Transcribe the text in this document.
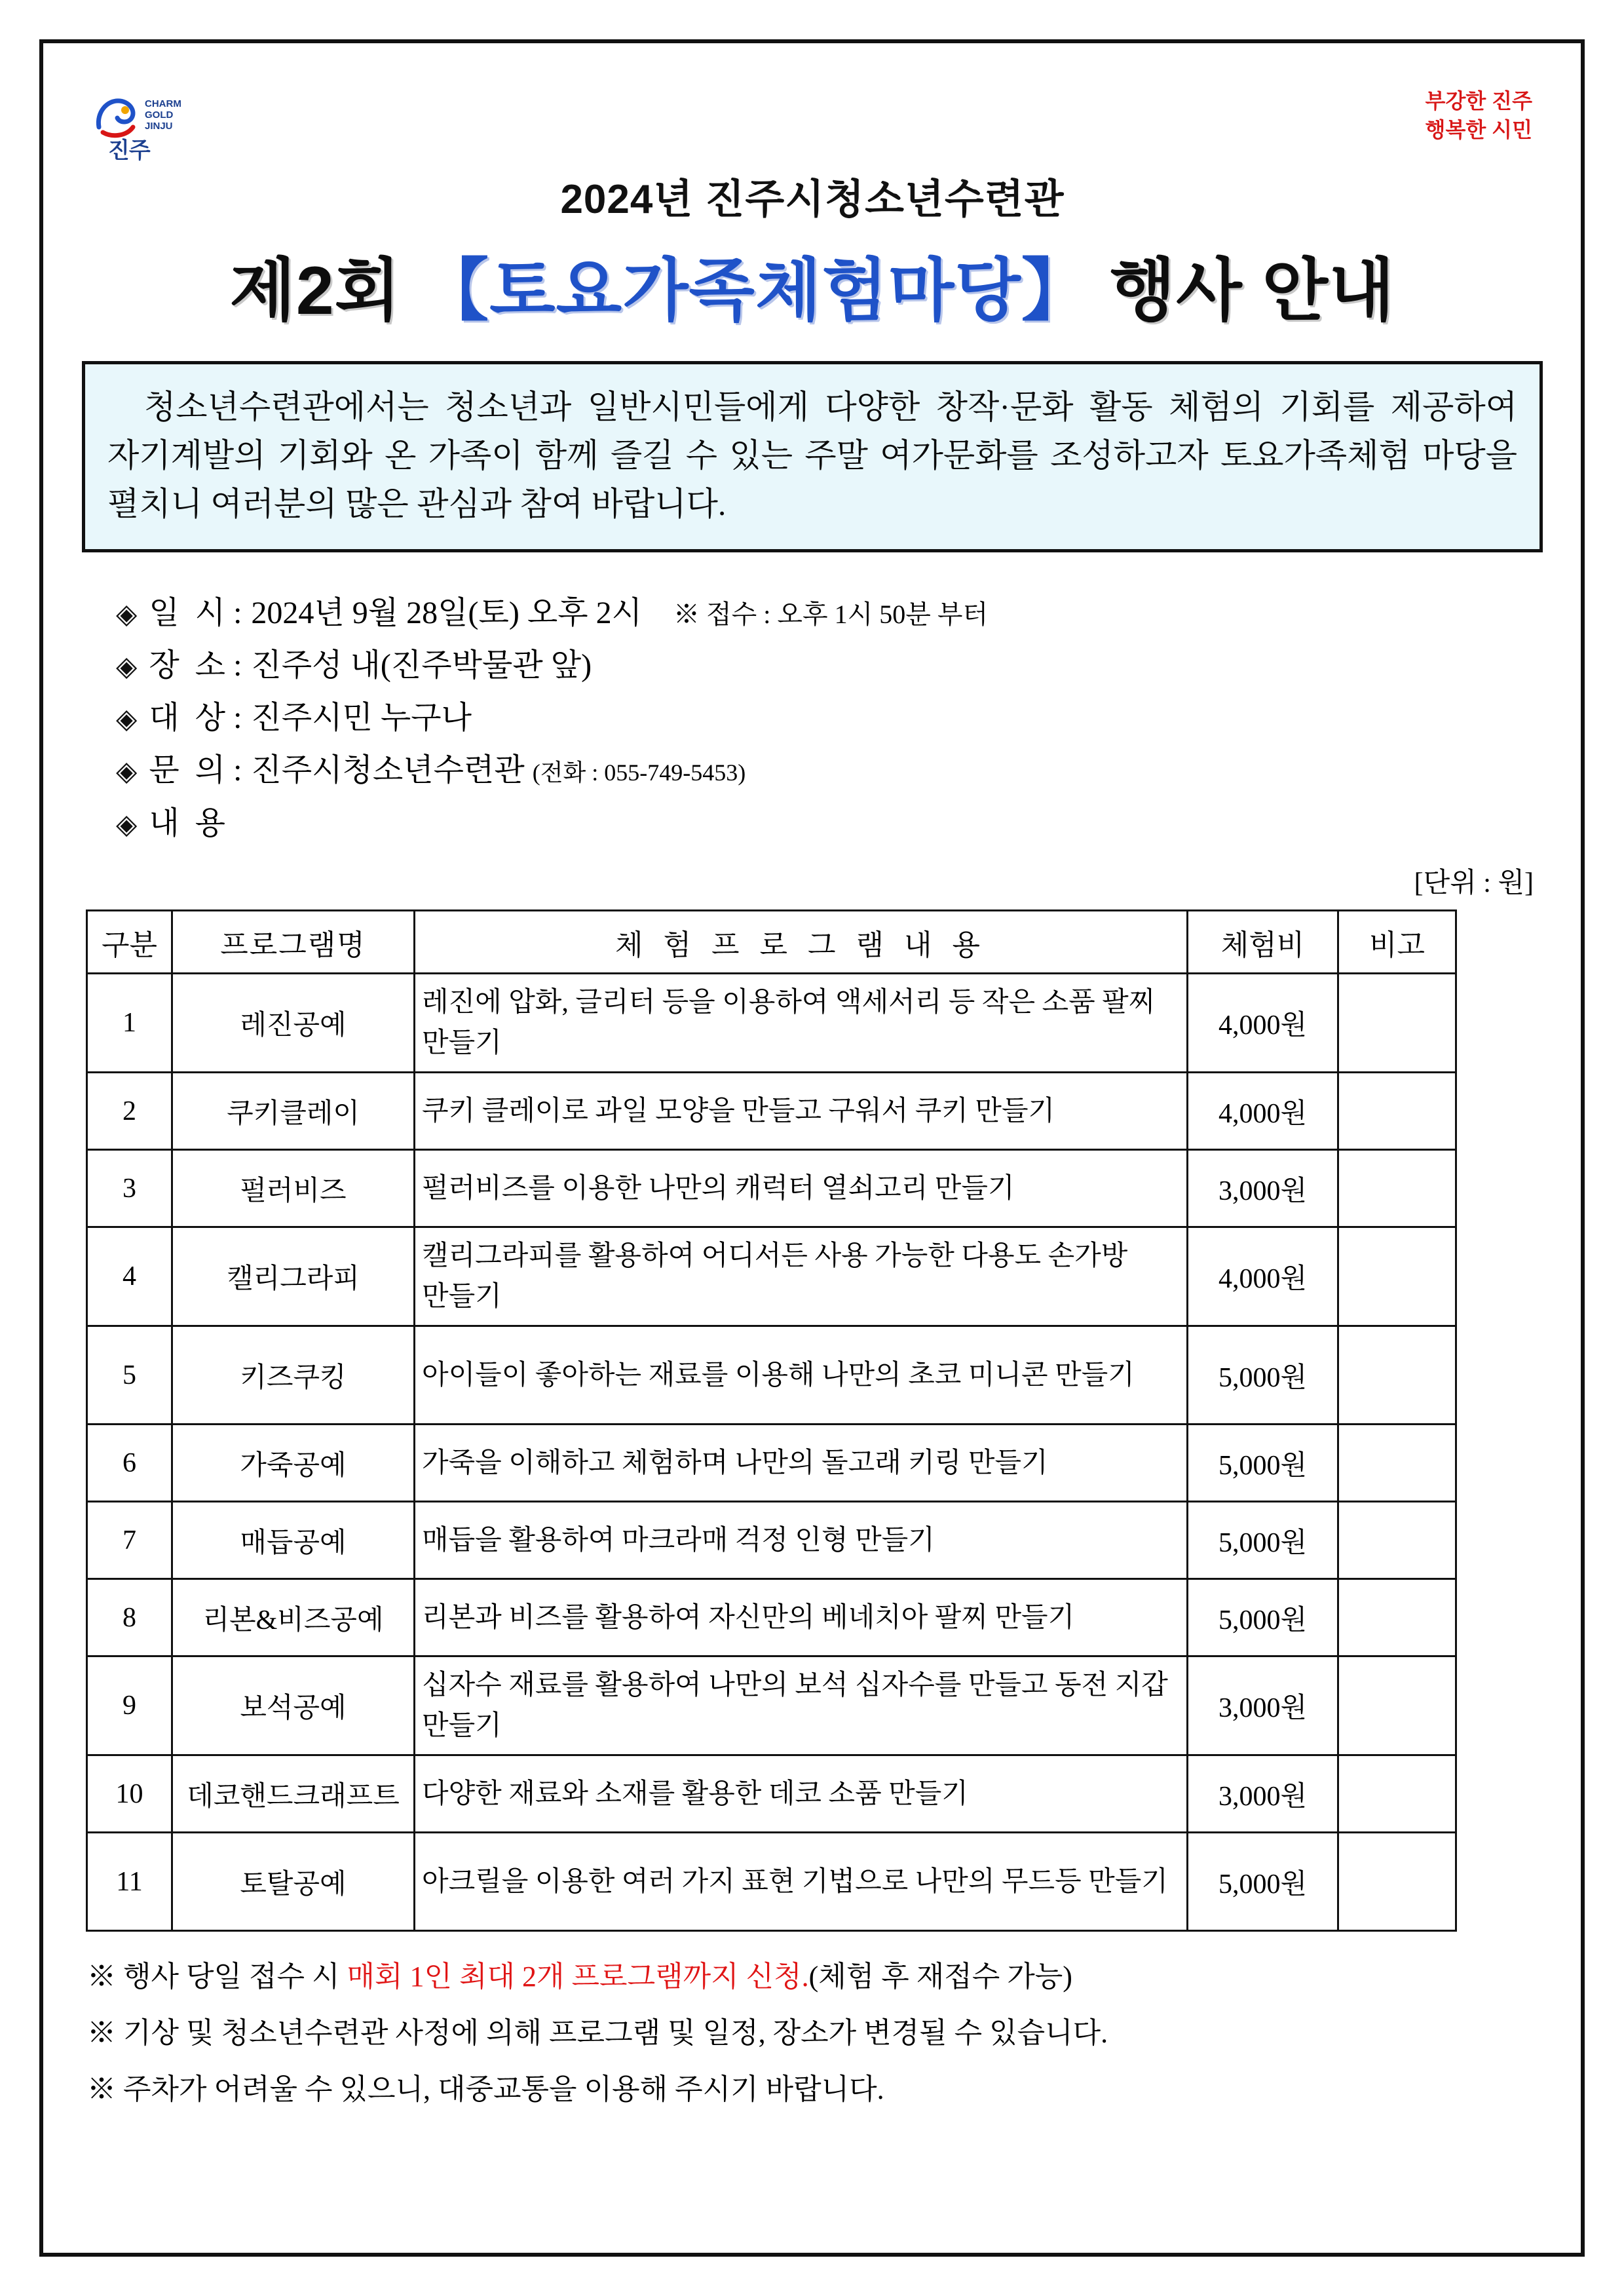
CHARM
GOLD
JINJU
진주
부강한 진주
행복한 시민
2024년 진주시청소년수련관
제2회 【토요가족체험마당】 행사 안내

청소년수련관에서는 청소년과 일반시민들에게 다양한 창작·문화 활동 체험의 기회를 제공하여 자기계발의 기회와 온 가족이 함께 즐길 수 있는 주말 여가문화를 조성하고자 토요가족체험 마당을 펼치니 여러분의 많은 관심과 참여 바랍니다.

◈ 일 시 : 2024년 9월 28일(토) 오후 2시 ※ 접수 : 오후 1시 50분 부터
◈ 장 소 : 진주성 내(진주박물관 앞)
◈ 대 상 : 진주시민 누구나
◈ 문 의 : 진주시청소년수련관 (전화 : 055-749-5453)
◈ 내 용
[단위 : 원]
구분	프로그램명	체 험 프 로 그 램 내 용	체험비	비고
1	레진공예	레진에 압화, 글리터 등을 이용하여 액세서리 등 작은 소품 팔찌 만들기	4,000원	
2	쿠키클레이	쿠키 클레이로 과일 모양을 만들고 구워서 쿠키 만들기	4,000원	
3	펄러비즈	펄러비즈를 이용한 나만의 캐럭터 열쇠고리 만들기	3,000원	
4	캘리그라피	캘리그라피를 활용하여 어디서든 사용 가능한 다용도 손가방 만들기	4,000원	
5	키즈쿠킹	아이들이 좋아하는 재료를 이용해 나만의 초코 미니콘 만들기	5,000원	
6	가죽공예	가죽을 이해하고 체험하며 나만의 돌고래 키링 만들기	5,000원	
7	매듭공예	매듭을 활용하여 마크라매 걱정 인형 만들기	5,000원	
8	리본&비즈공예	리본과 비즈를 활용하여 자신만의 베네치아 팔찌 만들기	5,000원	
9	보석공예	십자수 재료를 활용하여 나만의 보석 십자수를 만들고 동전 지갑 만들기	3,000원	
10	데코핸드크래프트	다양한 재료와 소재를 활용한 데코 소품 만들기	3,000원	
11	토탈공예	아크릴을 이용한 여러 가지 표현 기법으로 나만의 무드등 만들기	5,000원	
※ 행사 당일 접수 시 매회 1인 최대 2개 프로그램까지 신청.(체험 후 재접수 가능)
※ 기상 및 청소년수련관 사정에 의해 프로그램 및 일정, 장소가 변경될 수 있습니다.
※ 주차가 어려울 수 있으니, 대중교통을 이용해 주시기 바랍니다.
